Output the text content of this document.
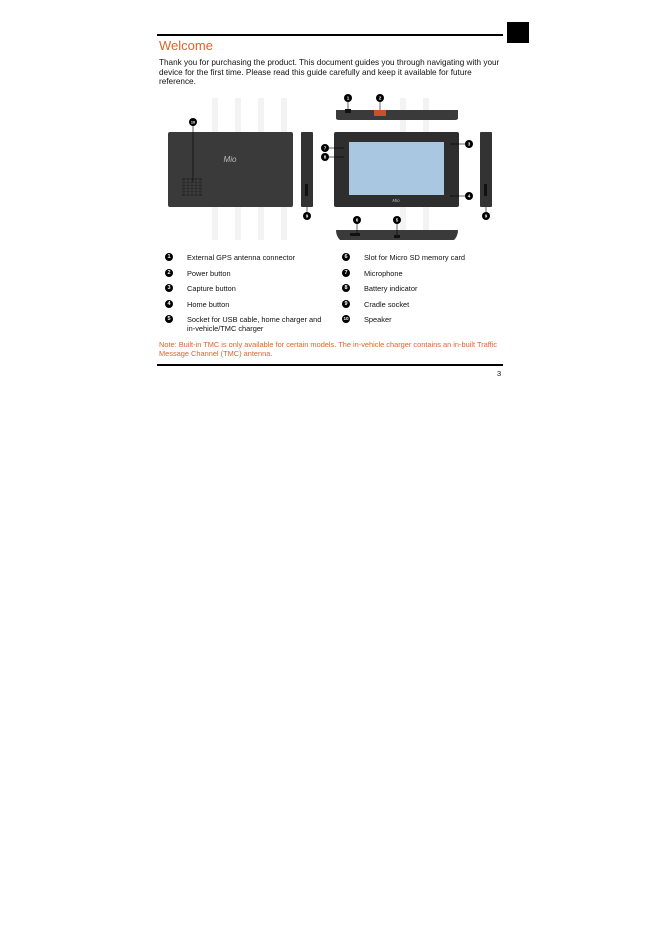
Welcome
Thank you for purchasing the product. This document guides you through navigating with your device for the first time. Please read this guide carefully and keep it available for future reference.
Mio
Mio
1	2
3
4
5
6
7
8
9	9
10
1	External GPS antenna connector
2	Power button
3	Capture button
4	Home button
5	Socket for USB cable, home charger and in-vehicle/TMC charger
6	Slot for Micro SD memory card
7	Microphone
8	Battery indicator
9	Cradle socket
10 Speaker
Note: Built-in TMC is only available for certain models. The in-vehicle charger contains an in-built Traffic Message Channel (TMC) antenna.
3
